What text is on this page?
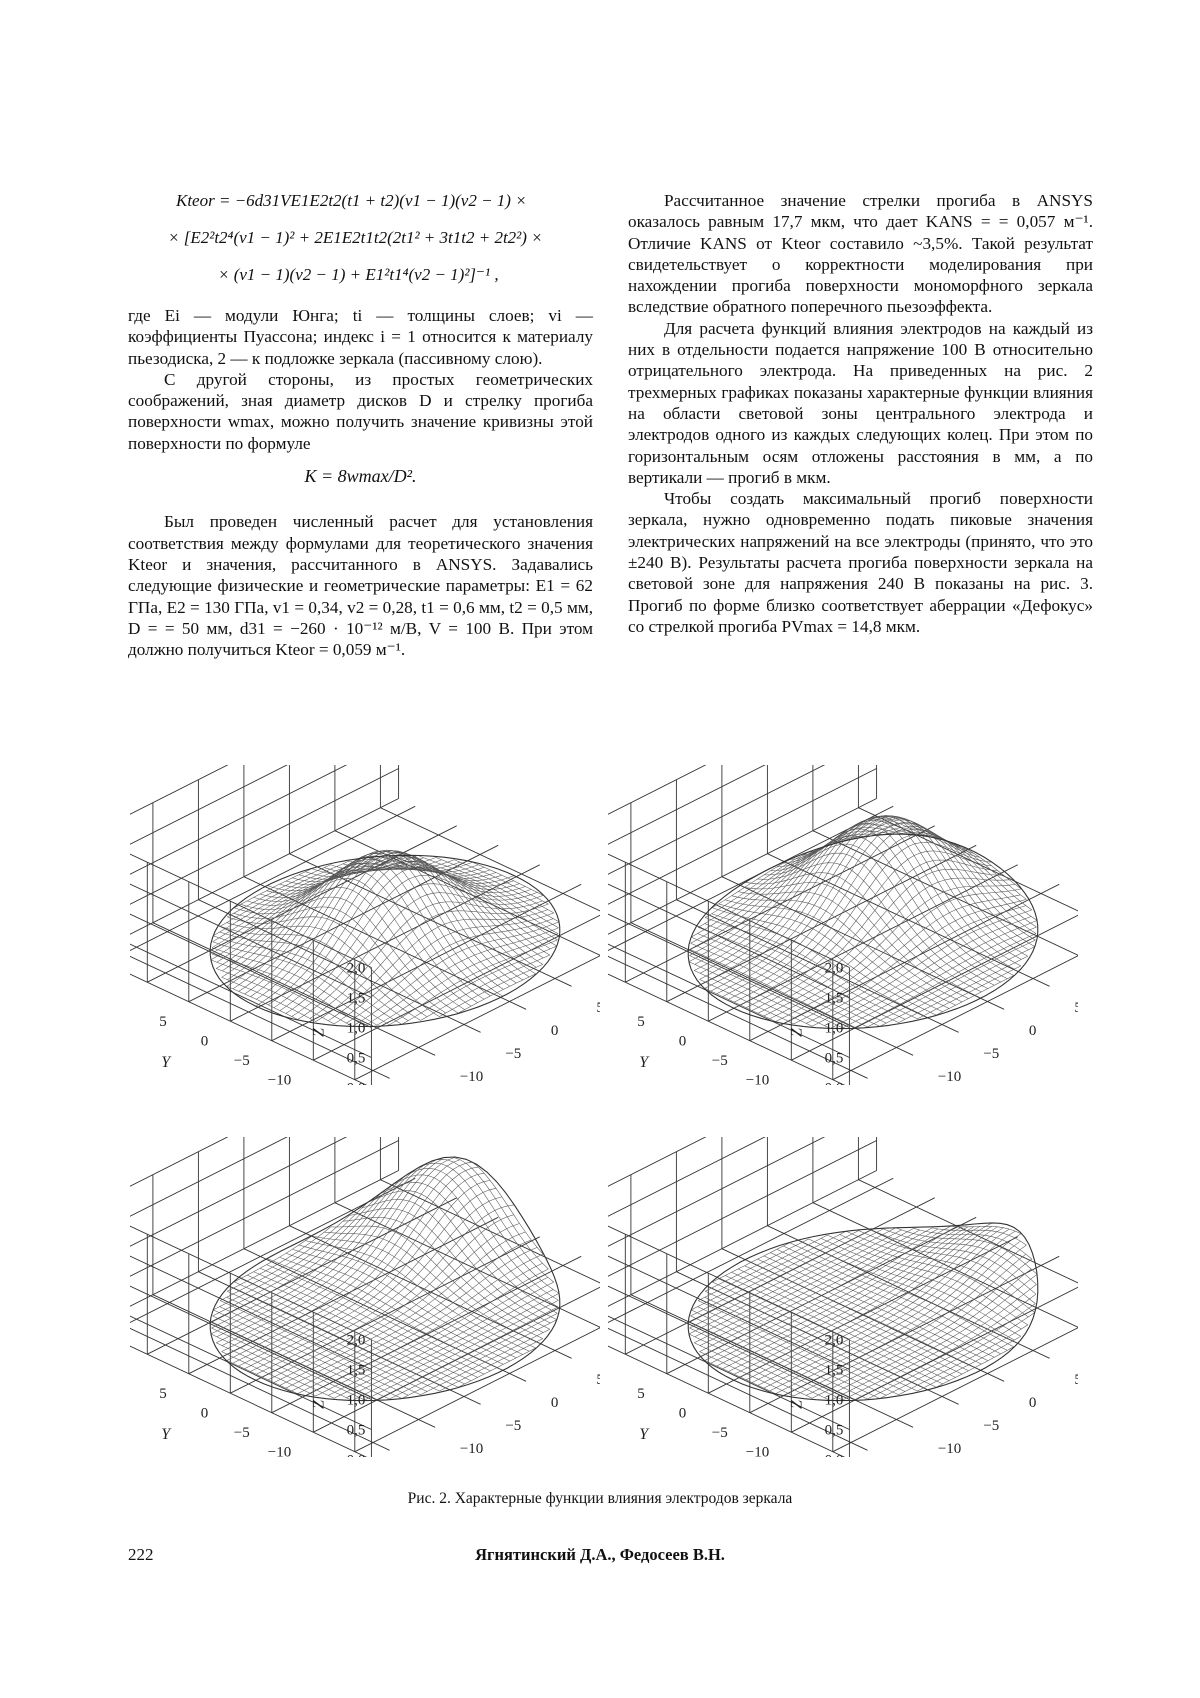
Kteor = −6d31VE1E2t2(t1 + t2)(v1 − 1)(v2 − 1) ×
× [E2²t2⁴(v1 − 1)² + 2E1E2t1t2(2t1² + 3t1t2 + 2t2²) ×
× (v1 − 1)(v2 − 1) + E1²t1⁴(v2 − 1)²]⁻¹ ,

где Ei — модули Юнга; ti — толщины слоев; vi — коэффициенты Пуассона; индекс i = 1 относится к материалу пьезодиска, 2 — к подложке зеркала (пассивному слою).

С другой стороны, из простых геометрических соображений, зная диаметр дисков D и стрелку прогиба поверхности wmax, можно получить значение кривизны этой поверхности по формуле

K = 8wmax/D².

Был проведен численный расчет для установления соответствия между формулами для теоретического значения Kteor и значения, рассчитанного в ANSYS. Задавались следующие физические и геометрические параметры: E1 = 62 ГПа, E2 = 130 ГПа, v1 = 0,34, v2 = 0,28, t1 = 0,6 мм, t2 = 0,5 мм, D = = 50 мм, d31 = −260 · 10⁻¹² м/В, V = 100 В. При этом должно получиться Kteor = 0,059 м⁻¹.

Рассчитанное значение стрелки прогиба в ANSYS оказалось равным 17,7 мкм, что дает KANS = = 0,057 м⁻¹. Отличие KANS от Kteor составило ~3,5%. Такой результат свидетельствует о корректности моделирования при нахождении прогиба поверхности мономорфного зеркала вследствие обратного поперечного пьезоэффекта.

Для расчета функций влияния электродов на каждый из них в отдельности подается напряжение 100 В относительно отрицательного электрода. На приведенных на рис. 2 трехмерных графиках показаны характерные функции влияния на области световой зоны центрального электрода и электродов одного из каждых следующих колец. При этом по горизонтальным осям отложены расстояния в мм, а по вертикали — прогиб в мкм.

Чтобы создать максимальный прогиб поверхности зеркала, нужно одновременно подать пиковые значения электрических напряжений на все электроды (принято, что это ±240 В). Результаты расчета прогиба поверхности зеркала на световой зоне для напряжения 240 В показаны на рис. 3. Прогиб по форме близко соответствует аберрации «Дефокус» со стрелкой прогиба PVmax = 14,8 мкм.

2,0
1,5
1,0
0,5
Z
5
0
−5
−10
Y
−10
−5
0
2,0
1,5
1,0
0,5
Z
5
0
−5
−10
Y
−10
−5
0
2,0
1,5
1,0
0,5
Z
5
0
−5
−10
Y
−10
−5
0
2,0
1,5
1,0
0,5
Z
5
0
−5
−10
Y
−10
−5
0
Рис. 2. Характерные функции влияния электродов зеркала
222	Ягнятинский Д.А., Федосеев В.Н.
